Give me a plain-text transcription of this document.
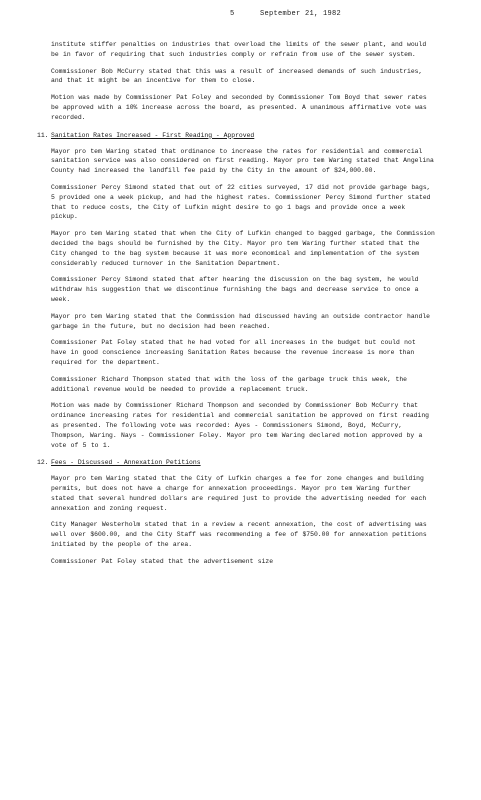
5	September 21, 1982

institute stiffer penalties on industries that overload the limits of the sewer plant, and would be in favor of requiring that such industries comply or refrain from use of the sewer system.

Commissioner Bob McCurry stated that this was a result of increased demands of such industries, and that it might be an incentive for them to close.

Motion was made by Commissioner Pat Foley and seconded by Commissioner Tom Boyd that sewer rates be approved with a 10% increase across the board, as presented. A unanimous affirmative vote was recorded.

11. Sanitation Rates Increased - First Reading - Approved

Mayor pro tem Waring stated that ordinance to increase the rates for residential and commercial sanitation service was also considered on first reading. Mayor pro tem Waring stated that Angelina County had increased the landfill fee paid by the City in the amount of $24,000.00.

Commissioner Percy Simond stated that out of 22 cities surveyed, 17 did not provide garbage bags, 5 provided one a week pickup, and had the highest rates. Commissioner Percy Simond further stated that to reduce costs, the City of Lufkin might desire to go 1 bags and provide once a week pickup.

Mayor pro tem Waring stated that when the City of Lufkin changed to bagged garbage, the Commission decided the bags should be furnished by the City. Mayor pro tem Waring further stated that the City changed to the bag system because it was more economical and implementation of the system considerably reduced turnover in the Sanitation Department.

Commissioner Percy Simond stated that after hearing the discussion on the bag system, he would withdraw his suggestion that we discontinue furnishing the bags and decrease service to once a week.

Mayor pro tem Waring stated that the Commission had discussed having an outside contractor handle garbage in the future, but no decision had been reached.

Commissioner Pat Foley stated that he had voted for all increases in the budget but could not have in good conscience increasing Sanitation Rates because the revenue increase is more than required for the department.

Commissioner Richard Thompson stated that with the loss of the garbage truck this week, the additional revenue would be needed to provide a replacement truck.

Motion was made by Commissioner Richard Thompson and seconded by Commissioner Bob McCurry that ordinance increasing rates for residential and commercial sanitation be approved on first reading as presented. The following vote was recorded: Ayes - Commissioners Simond, Boyd, McCurry, Thompson, Waring. Nays - Commissioner Foley. Mayor pro tem Waring declared motion approved by a vote of 5 to 1.

12. Fees - Discussed - Annexation Petitions

Mayor pro tem Waring stated that the City of Lufkin charges a fee for zone changes and building permits, but does not have a charge for annexation proceedings. Mayor pro tem Waring further stated that several hundred dollars are required just to provide the advertising needed for each annexation and zoning request.

City Manager Westerholm stated that in a review a recent annexation, the cost of advertising was well over $600.00, and the City Staff was recommending a fee of $750.00 for annexation petitions initiated by the people of the area.

Commissioner Pat Foley stated that the advertisement size
